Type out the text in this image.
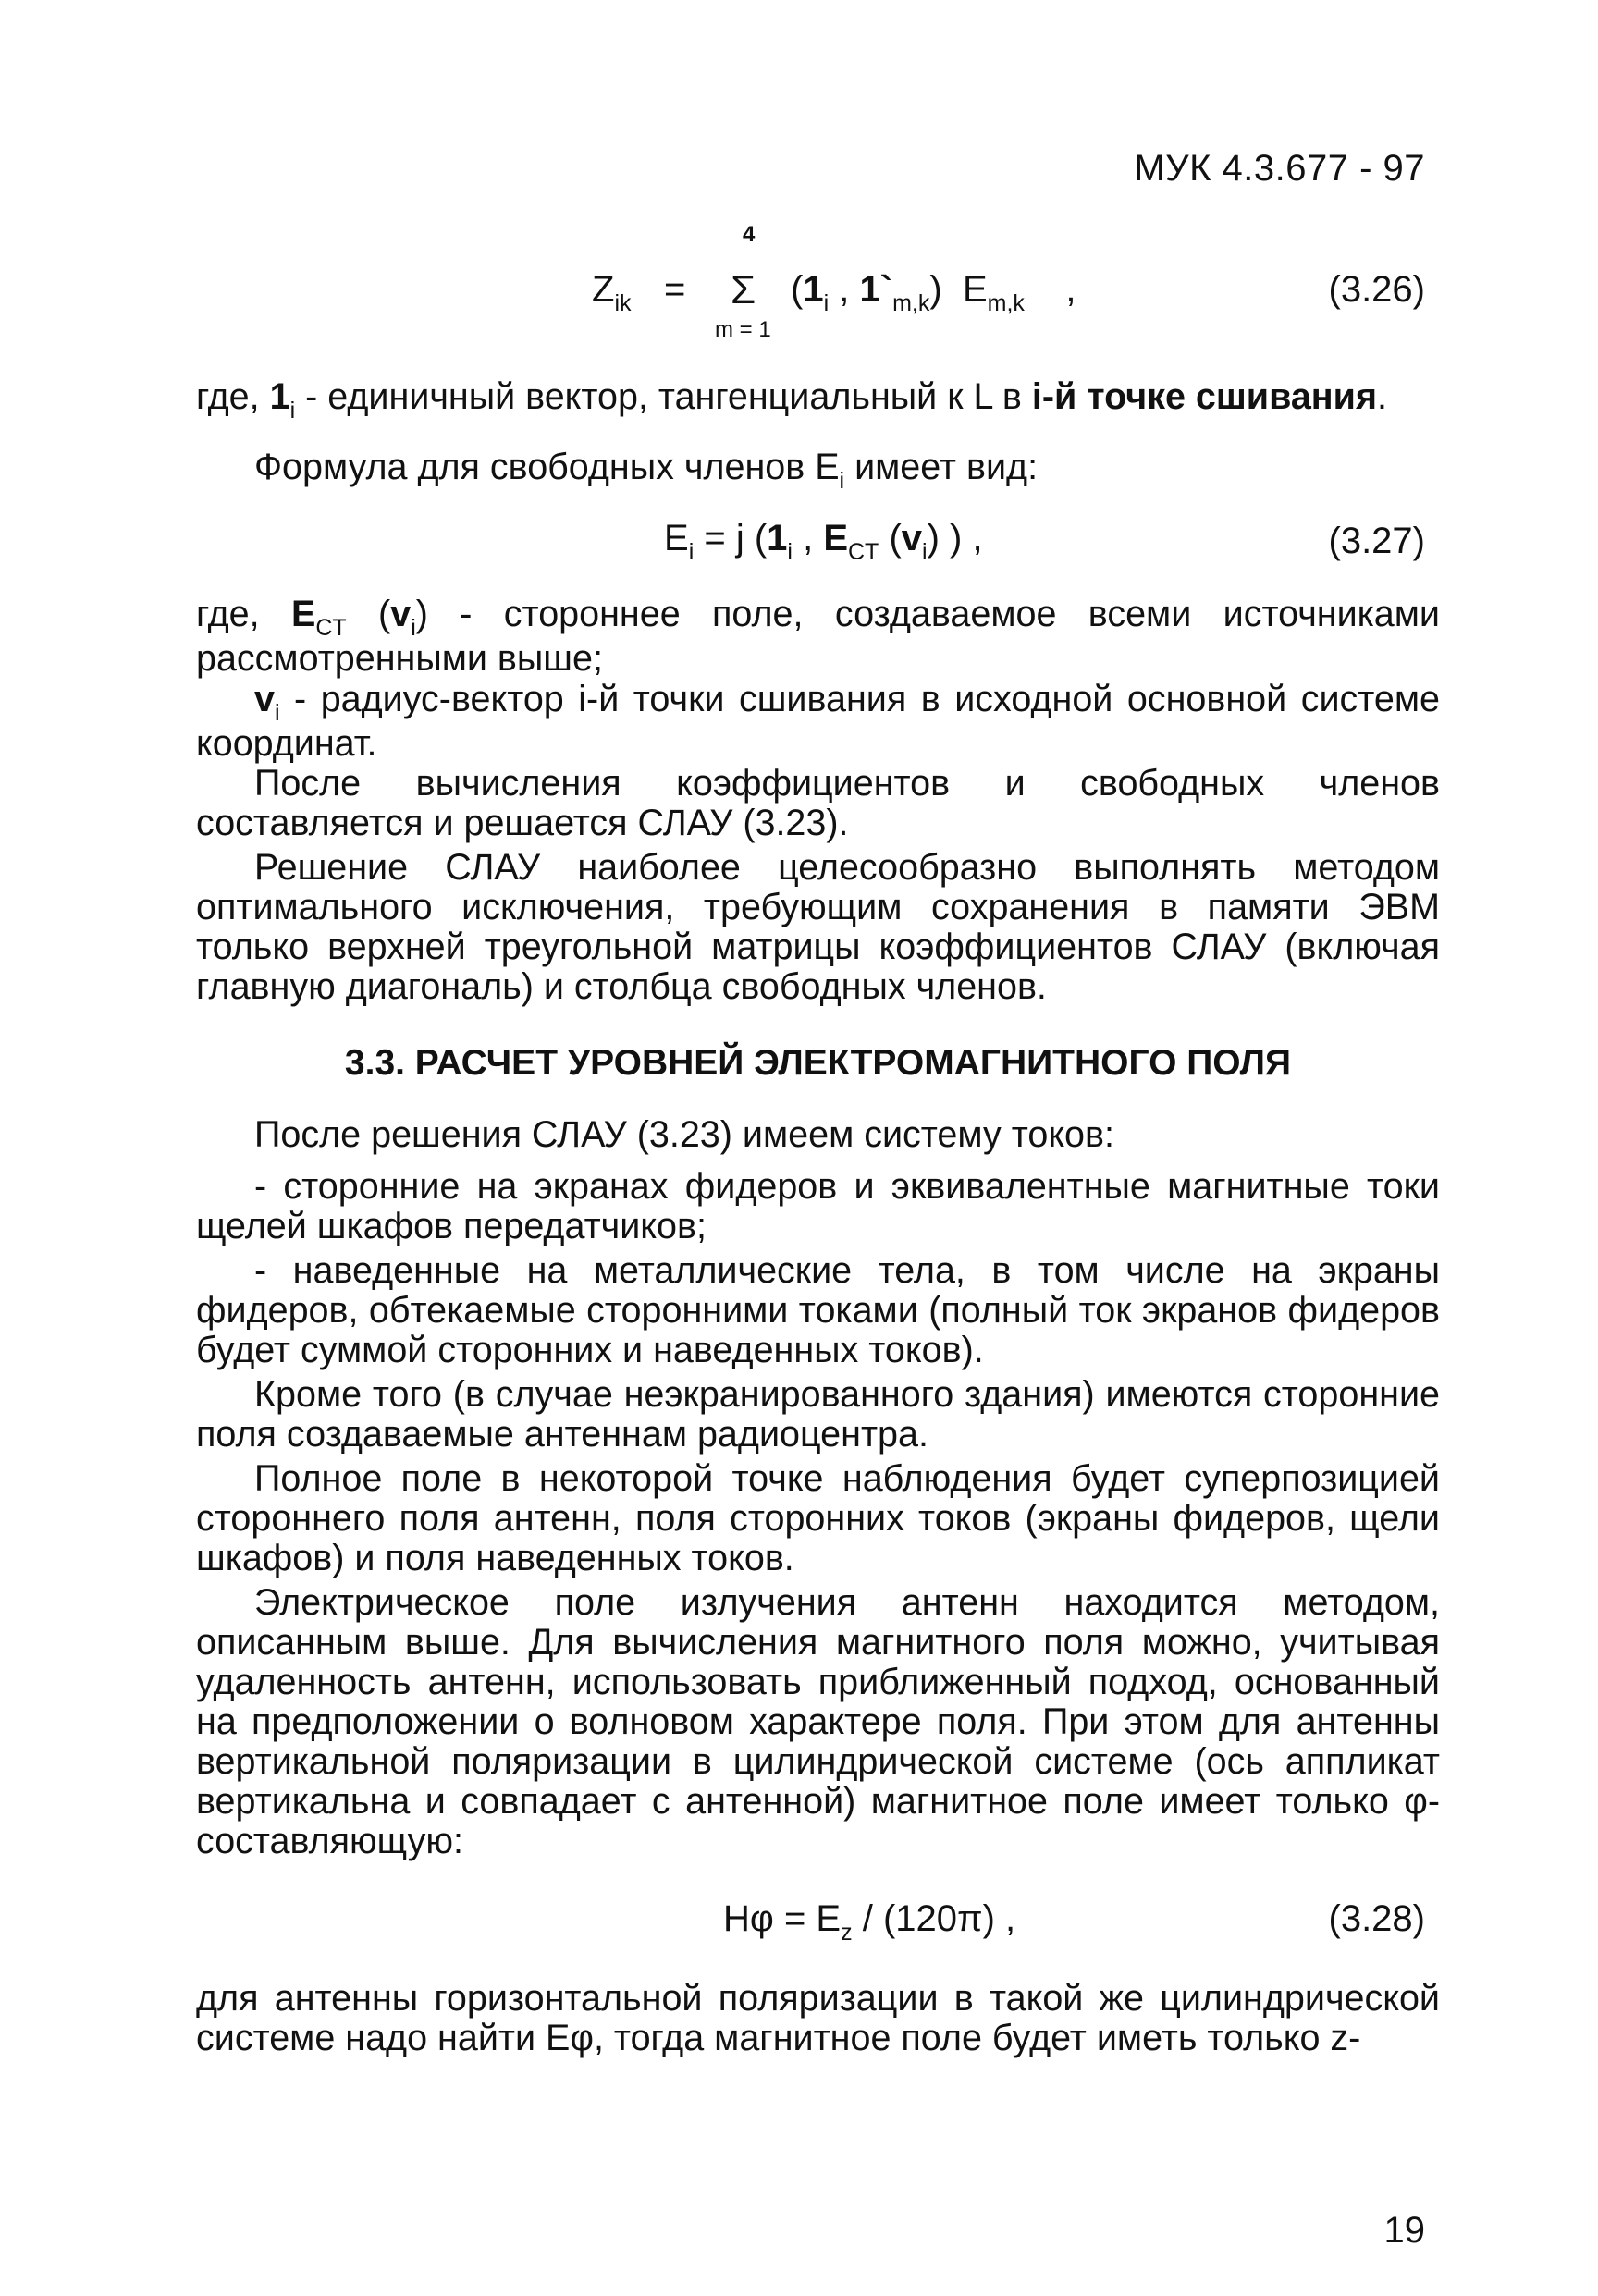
МУК 4.3.677 - 97
4
$Z_{ik} = \Sigma$
m = 1
($1_i$ , $1`_{m,k}$) $E_{m,k}$ ,	(3.26)
где, $1_i$ - единичный вектор, тангенциальный к L в i-й точке сшивания.
Формула для свободных членов $E_i$ имеет вид:
$E_i = j$ ($1_i$ , $E_{CT}$ $(v_i)$ ) ,	(3.27)
где, $E_{CT}$ $(v_i)$ - стороннее поле, создаваемое всеми источниками рассмотренными выше;
$v_i$ - радиус-вектор i-й точки сшивания в исходной основной системе координат.
После вычисления коэффициентов и свободных членов составляется и решается СЛАУ (3.23).
Решение СЛАУ наиболее целесообразно выполнять методом оптимального исключения, требующим сохранения в памяти ЭВМ только верхней треугольной матрицы коэффициентов СЛАУ (включая главную диагональ) и столбца свободных членов.
3.3. РАСЧЕТ УРОВНЕЙ ЭЛЕКТРОМАГНИТНОГО ПОЛЯ
После решения СЛАУ (3.23) имеем систему токов:
- сторонние на экранах фидеров и эквивалентные магнитные токи щелей шкафов передатчиков;
- наведенные на металлические тела, в том числе на экраны фидеров, обтекаемые сторонними токами (полный ток экранов фидеров будет суммой сторонних и наведенных токов).
Кроме того (в случае неэкранированного здания) имеются сторонние поля создаваемые антеннам радиоцентра.
Полное поле в некоторой точке наблюдения будет суперпозицией стороннего поля антенн, поля сторонних токов (экраны фидеров, щели шкафов) и поля наведенных токов.
Электрическое поле излучения антенн находится методом, описанным выше. Для вычисления магнитного поля можно, учитывая удаленность антенн, использовать приближенный подход, основанный на предположении о волновом характере поля. При этом для антенны вертикальной поляризации в цилиндрической системе (ось аппликат вертикальна и совпадает с антенной) магнитное поле имеет только φ-составляющую:
$H\varphi = E_z / (120\pi)$ ,	(3.28)
для антенны горизонтальной поляризации в такой же цилиндрической системе надо найти Eφ, тогда магнитное поле будет иметь только z-
19
